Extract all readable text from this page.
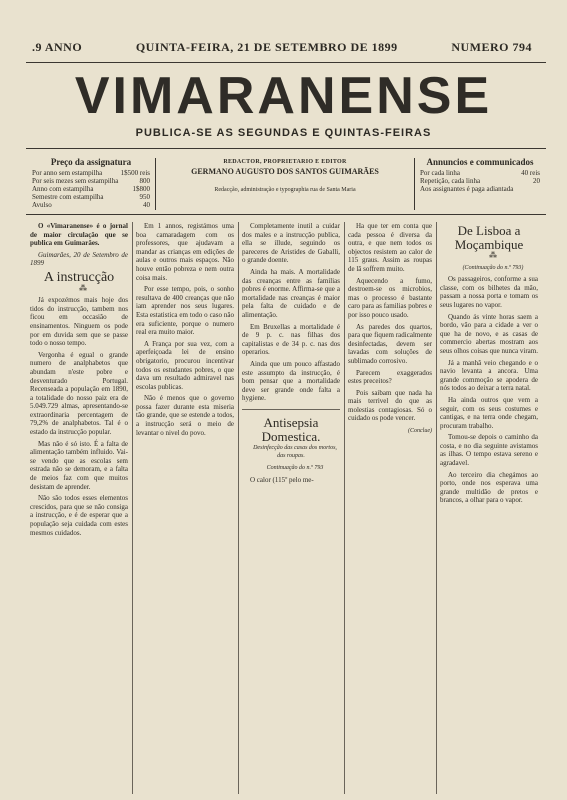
.9 ANNO	QUINTA-FEIRA, 21 DE SETEMBRO DE 1899	NUMERO 794
VIMARANENSE
PUBLICA-SE AS SEGUNDAS E QUINTAS-FEIRAS
Preço da assignatura
Por anno sem estampilha	1$500 reis
Por seis mezes sem estampilha	800
Anno com estampilha	1$800
Semestre com estampilha	950
Avulso	40
REDACTOR, PROPRIETARIO E EDITOR
GERMANO AUGUSTO DOS SANTOS GUIMARÃES
Redacção, administração e typographia rua de Santa Maria
Annuncios e communicados
Por cada linha	40 reis
Repetição, cada linha	20
Aos assignantes é paga adiantada

O «Vimaranense» é o jornal de maior circulação que se publica em Guimarães.

Guimarães, 20 de Setembro de 1899

A instrucção

⁂

Já expozémos mais hoje dos tidos do instrucção, tambem nos ficou em occasião de ensinamentos. Ninguem os pode por em duvida sem que se passe todo o nosso tempo.

Vergonha é egual o grande numero de analphabetos que abundam n'este pobre e desventurado Portugal. Recenseada a população em 1890, a totalidade do nosso paiz era de 5.049.729 almas, apresentando-se extraordinaria percentagem de 79,2% de analphabetos. Tal é o estado da instrucção popular.

Mas não é só isto. É a falta de alimentação também influido. Vai-se vendo que as escolas sem estrada não se demoram, e a falta de meios faz com que muitos desistam de aprender.

Não são todos esses elementos crescidos, para que se não consiga a instrucção, e é de esperar que a população seja cuidada com estes mesmos cuidados.

Em 1 annos, registámos uma boa camaradagem com os professores, que ajudavam a mandar as crianças em edições de aulas e outros mais espaços. Não houve então pobreza e nem outra coisa mais.

Por esse tempo, pois, o sonho resultava de 400 creanças que não iam aprender nos seus lugares. Esta estatistica em todo o caso não era suficiente, porque o numero real era muito maior.

A França por sua vez, com a aperfeiçoada lei de ensino obrigatorio, procurou incentivar todos os estudantes pobres, o que dava um resultado admiravel nas escolas publicas.

Não é menos que o governo possa fazer durante esta miseria tão grande, que se estende a todos, a instrucção será o meio de levantar o nivel do povo.

Completamente inutil a cuidar dos males e a instrucção publica, ella se illude, seguindo os pareceres de Aristides de Gaballi, o grande doente.

Ainda ha mais. A mortalidade das creanças entre as familias pobres é enorme. Affirma-se que a mortalidade nas creanças é maior pela falta de cuidado e de alimentação.

Em Bruxellas a mortalidade é de 9 p. c. nas filhas dos capitalistas e de 34 p. c. nas dos operarios.

Ainda que um pouco affastado este assumpto da instrucção, é bom pensar que a mortalidade deve ser grande onde falta a hygiene.

Antisepsia Domestica.

Desinfecção das casas dos mortos, das roupas.

Continuação do n.º 793

O calor (115º pelo me-

Ha que ter em conta que cada pessoa é diversa da outra, e que nem todos os objectos resistem ao calor de 115 graus. Assim as roupas de lã soffrem muito.

Aquecendo a fumo, destroem-se os microbios, mas o processo é bastante caro para as familias pobres e por isso pouco usado.

As paredes dos quartos, para que fiquem radicalmente desinfectadas, devem ser lavadas com soluções de sublimado corrosivo.

Parecem exaggerados estes preceitos?

Pois saibam que nada ha mais terrivel do que as molestias contagiosas. Só o cuidado os pode vencer.

(Conclue)
De Lisboa a Moçambique

⁂

(Continuação do n.º 793)

Os passageiros, conforme a sua classe, com os bilhetes da mão, passam a nossa porta e tomam os seus lugares no vapor.

Quando ás vinte horas saem a bordo, vão para a cidade a ver o que ha de novo, e as casas de commercio abertas mostram aos seus olhos coisas que nunca viram.

Já a manhã veio chegando e o navio levanta a ancora. Uma grande commoção se apodera de nós todos ao deixar a terra natal.

Ha ainda outros que vem a seguir, com os seus costumes e cantigas, e na terra onde chegam, procuram trabalho.

Tomou-se depois o caminho da costa, e no dia seguinte avistamos as ilhas. O tempo estava sereno e agradavel.

Ao terceiro dia chegámos ao porto, onde nos esperava uma grande multidão de pretos e brancos, a olhar para o vapor.
